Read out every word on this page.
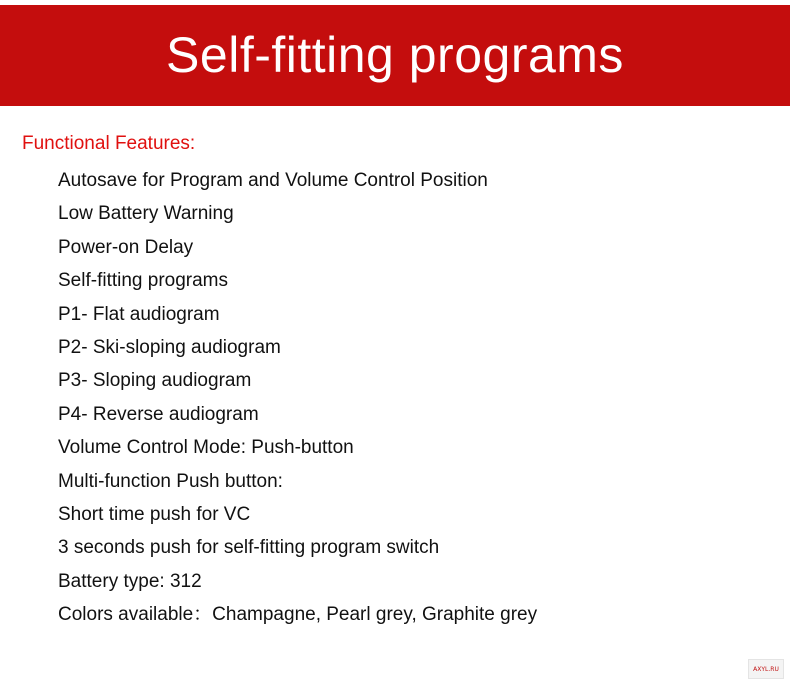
Self-fitting programs
Functional Features:
Autosave for Program and Volume Control Position
Low Battery Warning
Power-on Delay
Self-fitting programs
P1- Flat audiogram
P2- Ski-sloping audiogram
P3- Sloping audiogram
P4- Reverse audiogram
Volume Control Mode: Push-button
Multi-function Push button:
Short time push for VC
3 seconds push for self-fitting program switch
Battery type: 312
Colors available：Champagne, Pearl grey, Graphite grey
AXYL.RU
